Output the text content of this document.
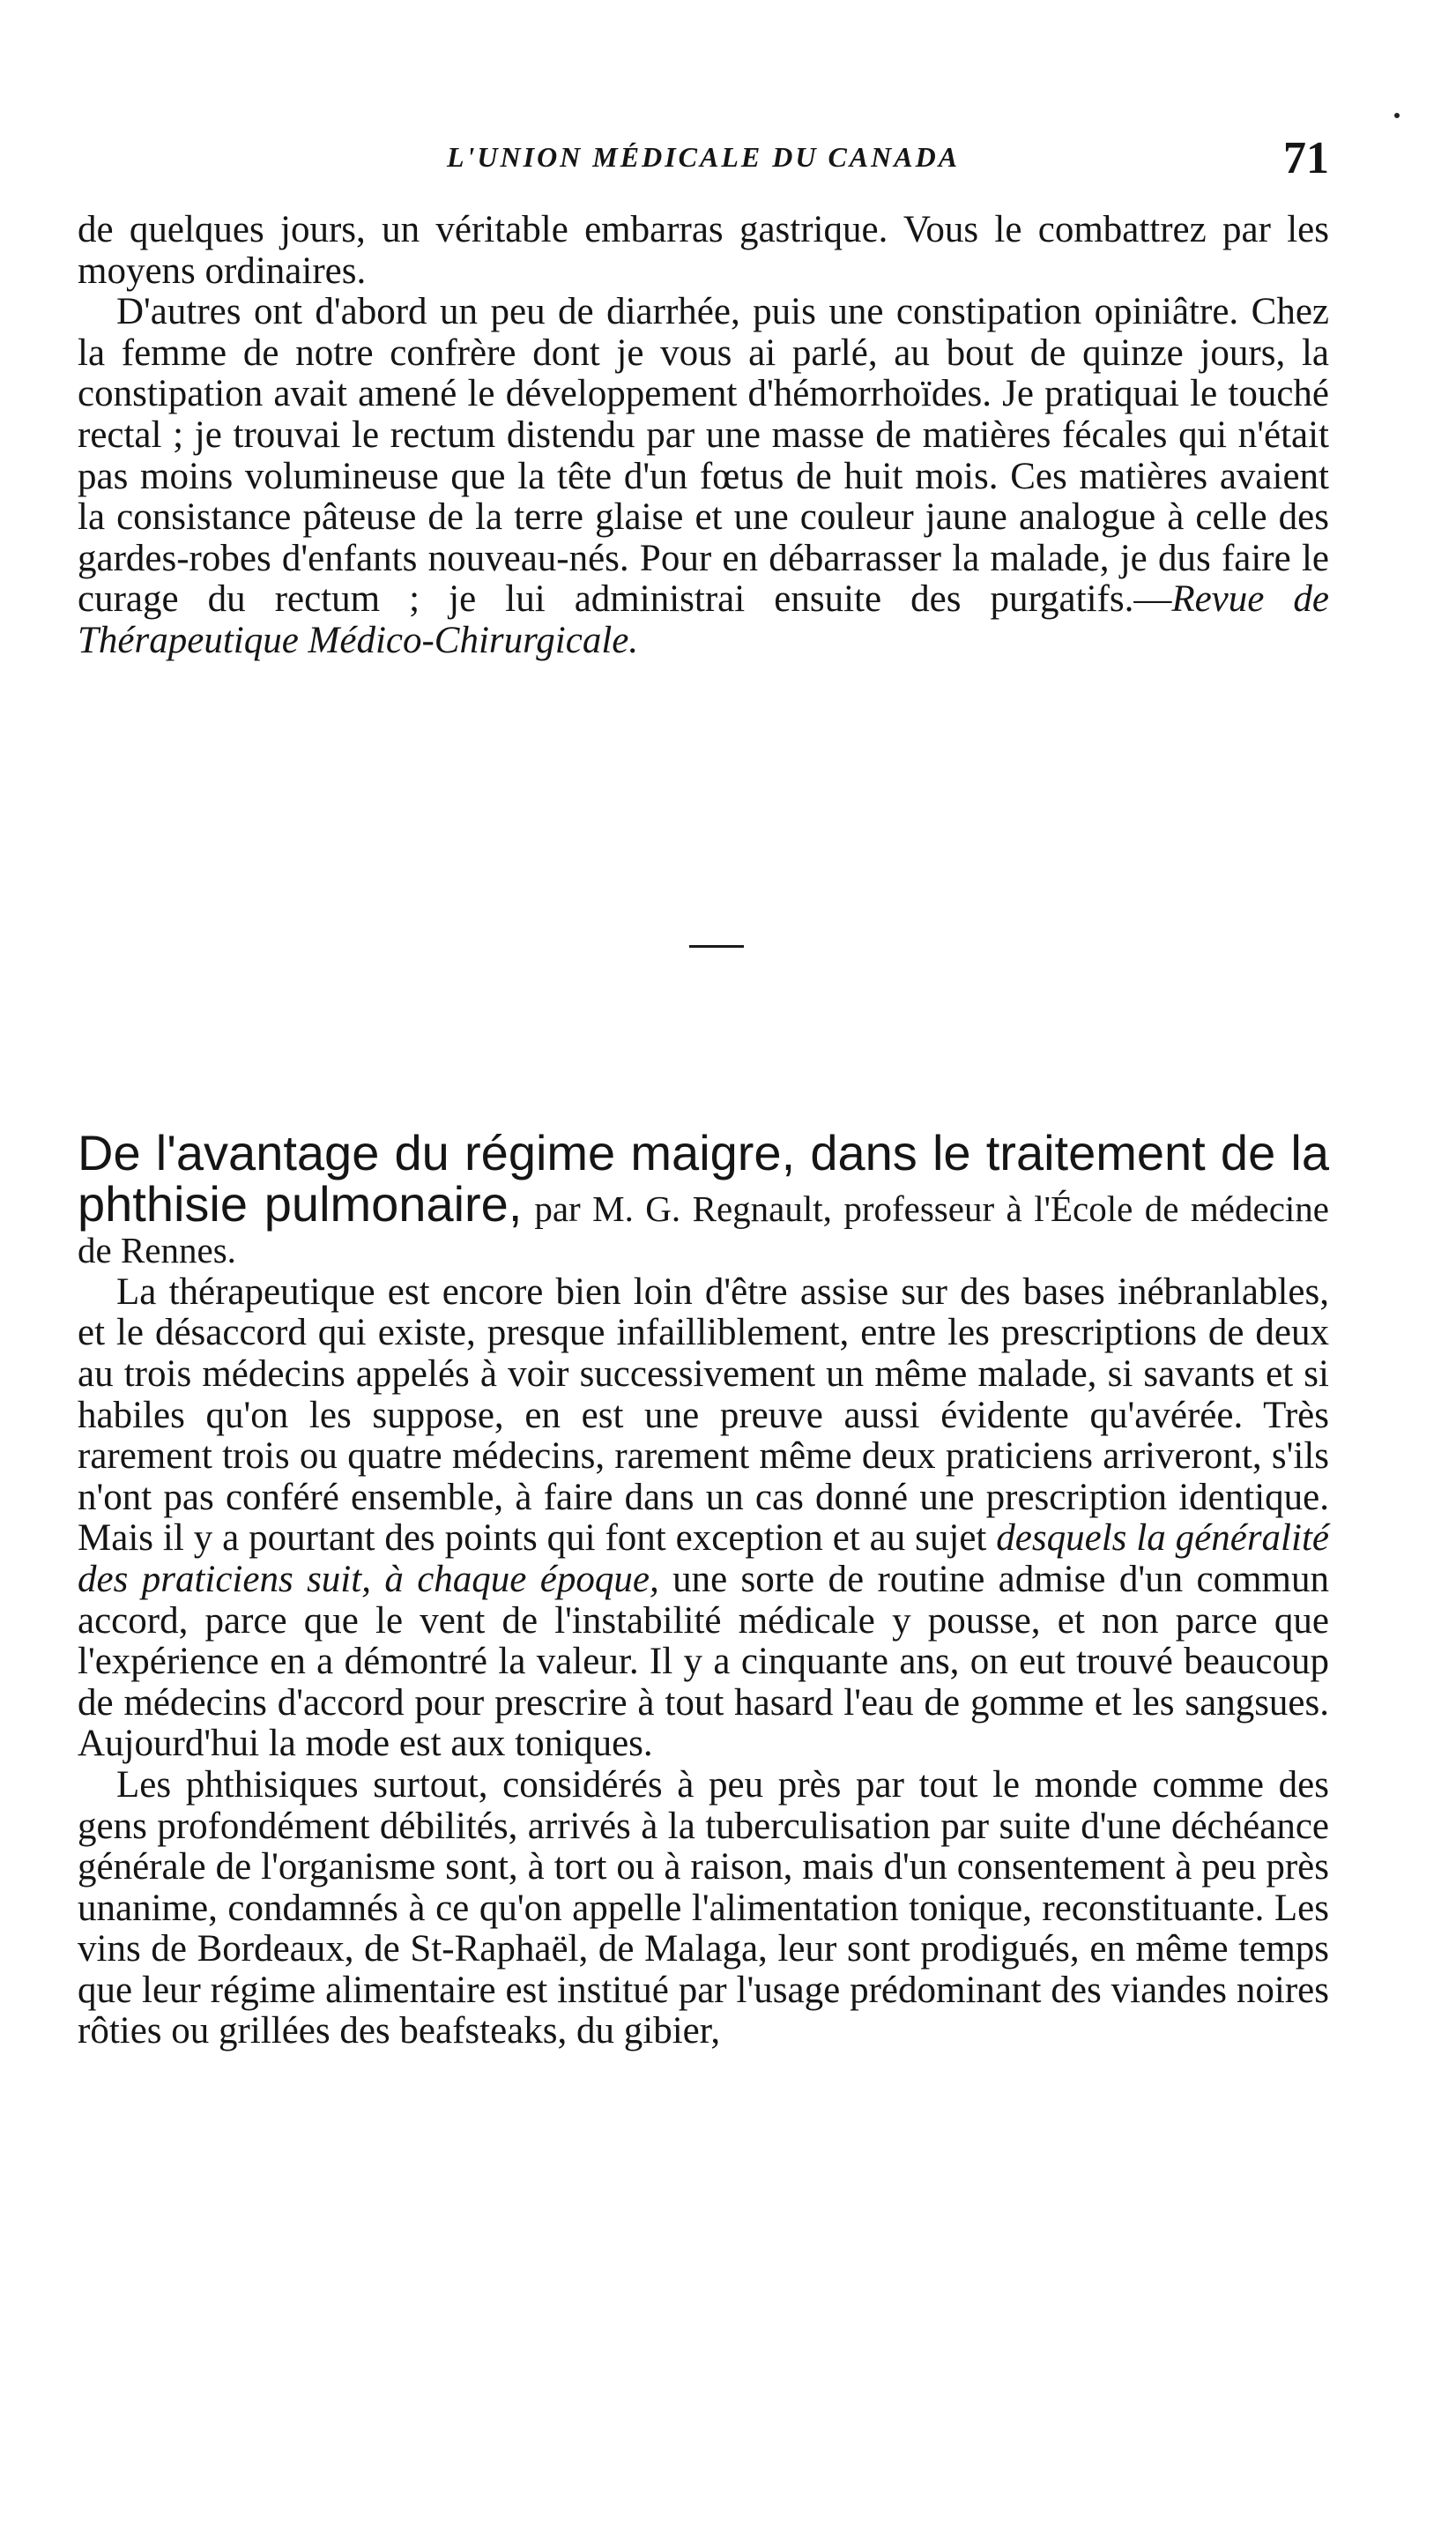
L'UNION MÉDICALE DU CANADA	71

de quelques jours, un véritable embarras gastrique. Vous le combattrez par les moyens ordinaires.

D'autres ont d'abord un peu de diarrhée, puis une constipation opiniâtre. Chez la femme de notre confrère dont je vous ai parlé, au bout de quinze jours, la constipation avait amené le développement d'hémorrhoïdes. Je pratiquai le touché rectal ; je trouvai le rectum distendu par une masse de matières fécales qui n'était pas moins volumineuse que la tête d'un fœtus de huit mois. Ces matières avaient la consistance pâteuse de la terre glaise et une couleur jaune analogue à celle des gardes-robes d'enfants nouveau-nés. Pour en débarrasser la malade, je dus faire le curage du rectum ; je lui administrai ensuite des purgatifs.—Revue de Thérapeutique Médico-Chirurgicale.

De l'avantage du régime maigre, dans le traitement de la phthisie pulmonaire, par M. G. Regnault, professeur à l'École de médecine de Rennes.

La thérapeutique est encore bien loin d'être assise sur des bases inébranlables, et le désaccord qui existe, presque infailliblement, entre les prescriptions de deux au trois médecins appelés à voir successivement un même malade, si savants et si habiles qu'on les suppose, en est une preuve aussi évidente qu'avérée. Très rarement trois ou quatre médecins, rarement même deux praticiens arriveront, s'ils n'ont pas conféré ensemble, à faire dans un cas donné une prescription identique. Mais il y a pourtant des points qui font exception et au sujet desquels la généralité des praticiens suit, à chaque époque, une sorte de routine admise d'un commun accord, parce que le vent de l'instabilité médicale y pousse, et non parce que l'expérience en a démontré la valeur. Il y a cinquante ans, on eut trouvé beaucoup de médecins d'accord pour prescrire à tout hasard l'eau de gomme et les sangsues. Aujourd'hui la mode est aux toniques.

Les phthisiques surtout, considérés à peu près par tout le monde comme des gens profondément débilités, arrivés à la tuberculisation par suite d'une déchéance générale de l'organisme sont, à tort ou à raison, mais d'un consentement à peu près unanime, condamnés à ce qu'on appelle l'alimentation tonique, reconstituante. Les vins de Bordeaux, de St-Raphaël, de Malaga, leur sont prodigués, en même temps que leur régime alimentaire est institué par l'usage prédominant des viandes noires rôties ou grillées des beafsteaks, du gibier,
